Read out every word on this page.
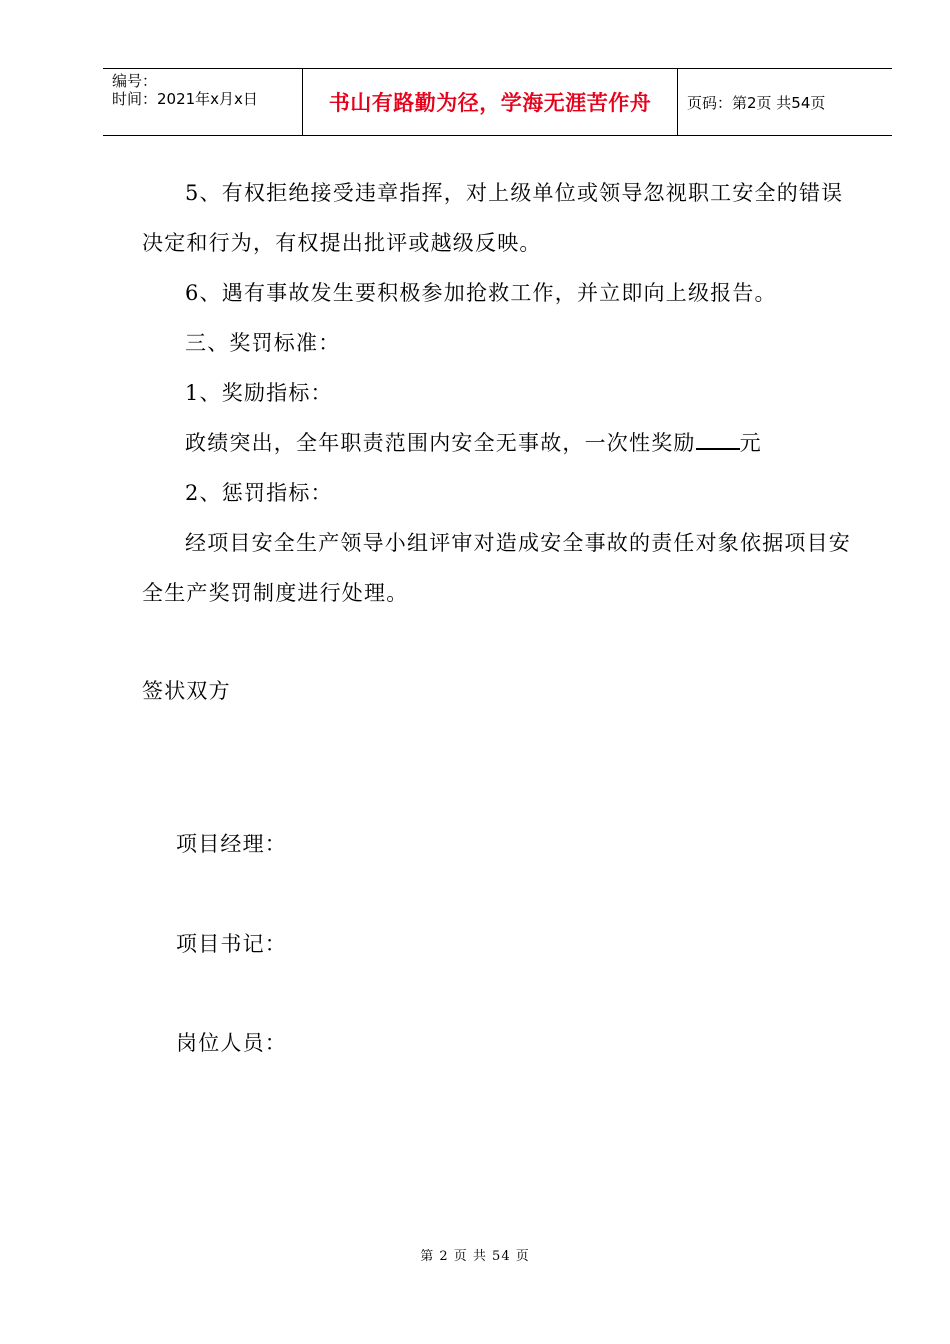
编号：
时间：2021年x月x日	书山有路勤为径，学海无涯苦作舟	页码：第2页 共54页

5、有权拒绝接受违章指挥，对上级单位或领导忽视职工安全的错误决定和行为，有权提出批评或越级反映。

6、遇有事故发生要积极参加抢救工作，并立即向上级报告。

三、奖罚标准：

1、奖励指标：

政绩突出，全年职责范围内安全无事故，一次性奖励 元

2、惩罚指标：

经项目安全生产领导小组评审对造成安全事故的责任对象依据项目安全生产奖罚制度进行处理。

签状双方

项目经理：
项目书记：
岗位人员：
第 2 页 共 54 页
